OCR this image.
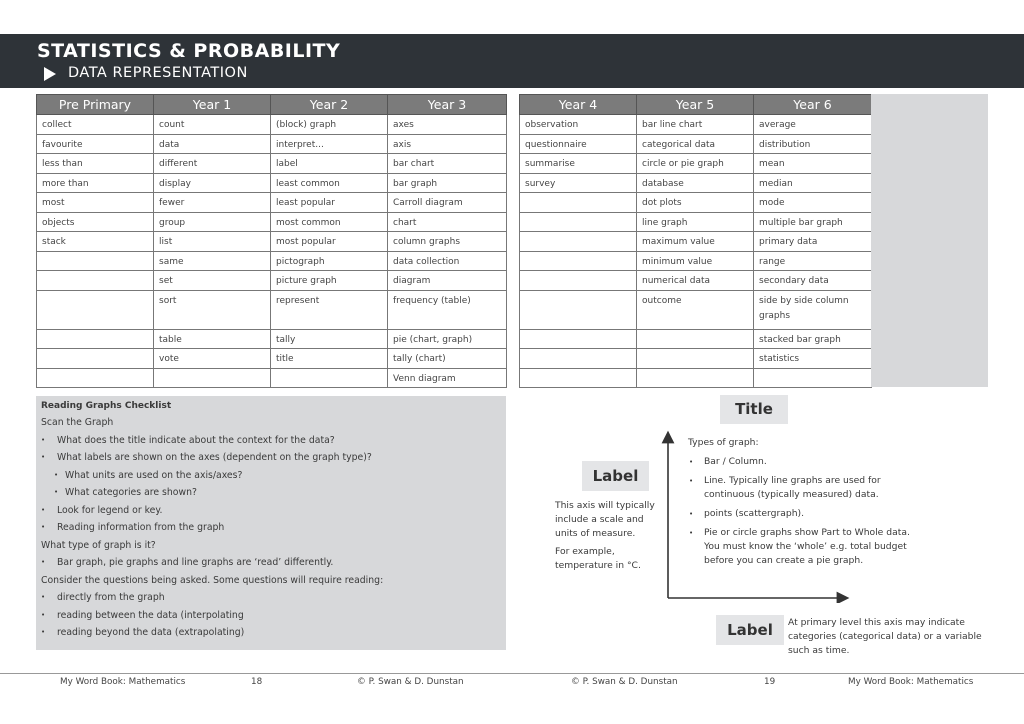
STATISTICS & PROBABILITY
DATA REPRESENTATION
Pre Primary	Year 1	Year 2	Year 3
collect	count	(block) graph	axes
favourite	data	interpret...	axis
less than	different	label	bar chart
more than	display	least common	bar graph
most	fewer	least popular	Carroll diagram
objects	group	most common	chart
stack	list	most popular	column graphs
	same	pictograph	data collection
	set	picture graph	diagram
	sort	represent	frequency (table)
	table	tally	pie (chart, graph)
	vote	title	tally (chart)
			Venn diagram
Year 4	Year 5	Year 6
observation	bar line chart	average
questionnaire	categorical data	distribution
summarise	circle or pie graph	mean
survey	database	median
	dot plots	mode
	line graph	multiple bar graph
	maximum value	primary data
	minimum value	range
	numerical data	secondary data
	outcome	side by side column graphs
		stacked bar graph
		statistics

Reading Graphs Checklist
Scan the Graph
• What does the title indicate about the context for the data?
• What labels are shown on the axes (dependent on the graph type)?
• What units are used on the axis/axes?
• What categories are shown?
• Look for legend or key.
• Reading information from the graph
What type of graph is it?
• Bar graph, pie graphs and line graphs are ‘read’ differently.
Consider the questions being asked. Some questions will require reading:
• directly from the graph
• reading between the data (interpolating
• reading beyond the data (extrapolating)
Title
Label
Label

This axis will typically include a scale and units of measure.

For example, temperature in °C.

Types of graph:
• Bar / Column.
• Line. Typically line graphs are used for continuous (typically measured) data.
• points (scattergraph).
• Pie or circle graphs show Part to Whole data. You must know the ‘whole’ e.g. total budget before you can create a pie graph.
At primary level this axis may indicate categories (categorical data) or a variable such as time.
My Word Book: Mathematics	18	© P. Swan & D. Dunstan	© P. Swan & D. Dunstan	19	My Word Book: Mathematics
